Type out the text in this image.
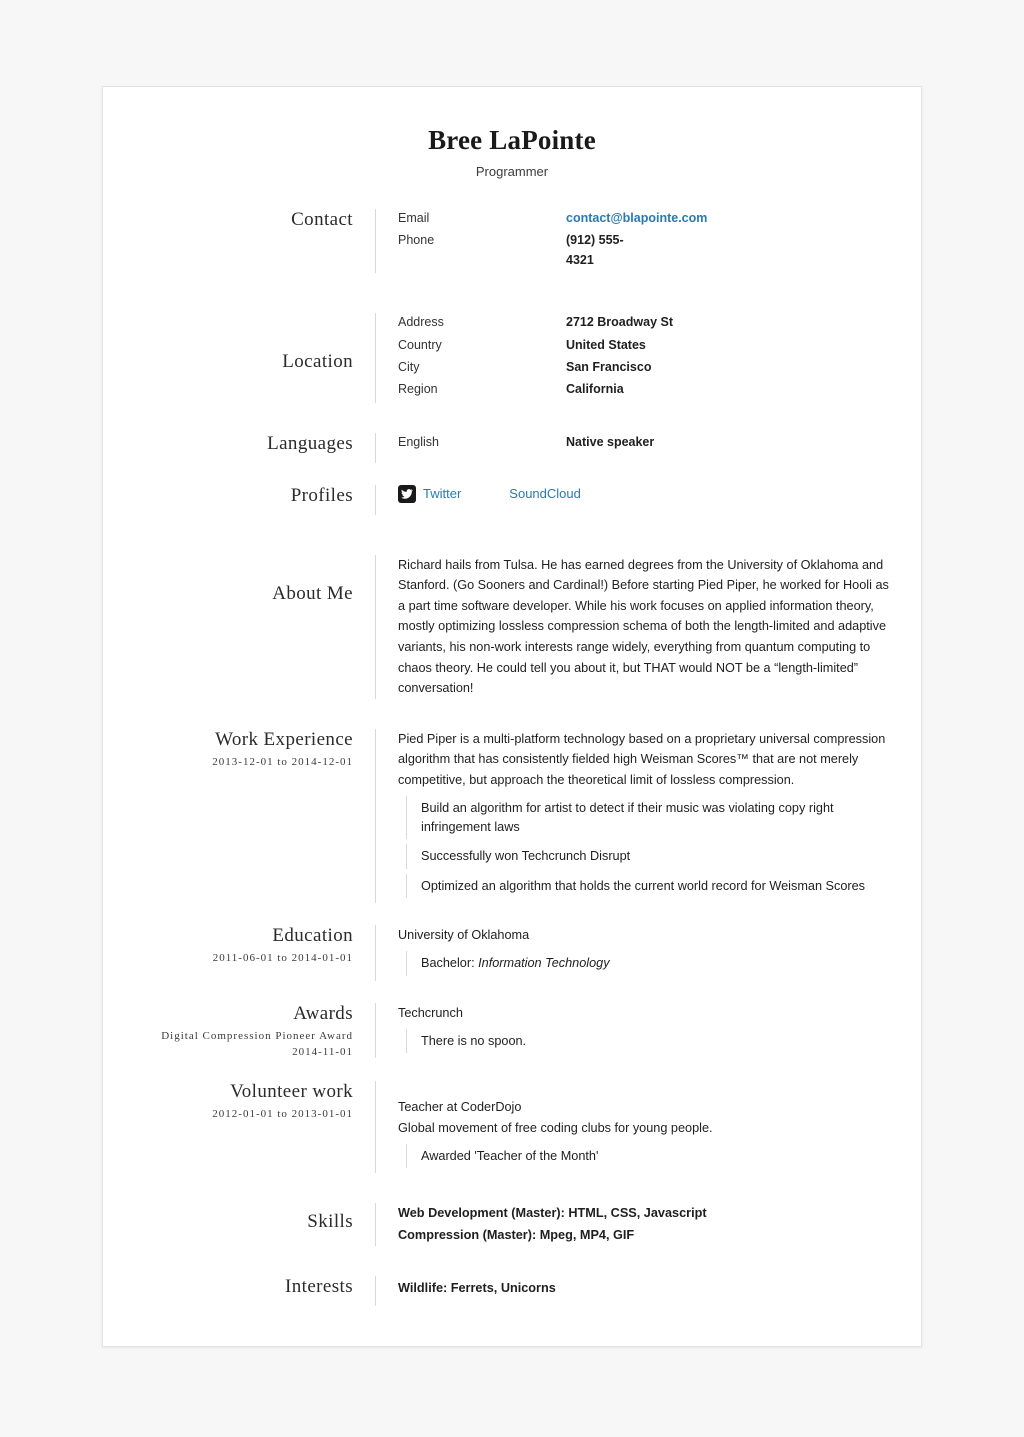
Bree LaPointe
Programmer
Contact	Email	contact@blapointe.com
Phone	(912) 555-4321
Location
Address	2712 Broadway St
Country	United States
City	San Francisco
Region	California
Languages	English	Native speaker
Profiles	Twitter	SoundCloud
About Me
Richard hails from Tulsa. He has earned degrees from the University of Oklahoma and Stanford. (Go Sooners and Cardinal!) Before starting Pied Piper, he worked for Hooli as a part time software developer. While his work focuses on applied information theory, mostly optimizing lossless compression schema of both the length-limited and adaptive variants, his non-work interests range widely, everything from quantum computing to chaos theory. He could tell you about it, but THAT would NOT be a “length-limited” conversation!
Work Experience
2013-12-01 to 2014-12-01
Pied Piper is a multi-platform technology based on a proprietary universal compression algorithm that has consistently fielded high Weisman Scores™ that are not merely competitive, but approach the theoretical limit of lossless compression.
Build an algorithm for artist to detect if their music was violating copy right infringement laws
Successfully won Techcrunch Disrupt
Optimized an algorithm that holds the current world record for Weisman Scores
Education
2011-06-01 to 2014-01-01
University of Oklahoma
Bachelor: Information Technology
Awards
Digital Compression Pioneer Award
2014-11-01
Techcrunch
There is no spoon.
Volunteer work
2012-01-01 to 2013-01-01	Teacher at CoderDojo
Global movement of free coding clubs for young people.
Awarded 'Teacher of the Month'
Skills	Web Development (Master): HTML, CSS, Javascript
Compression (Master): Mpeg, MP4, GIF
Interests	Wildlife: Ferrets, Unicorns
